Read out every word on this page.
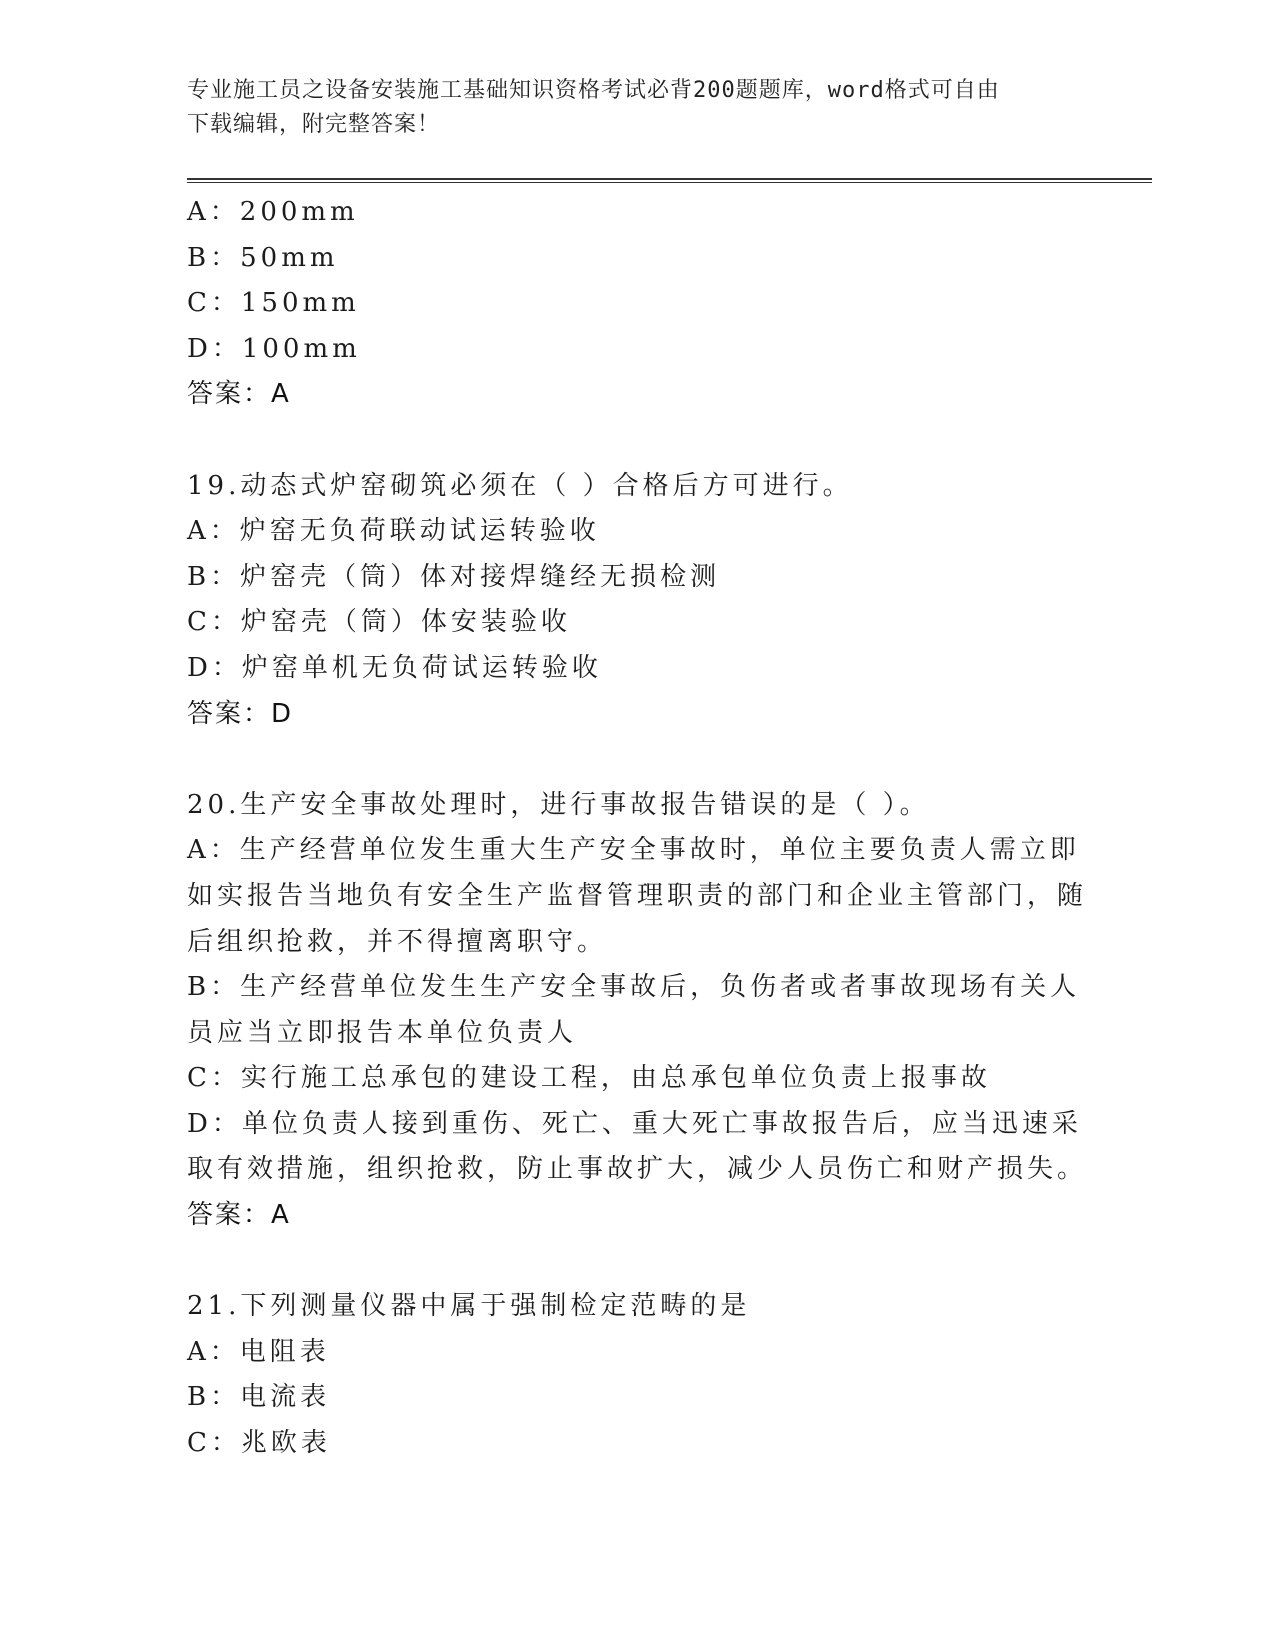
专业施工员之设备安装施工基础知识资格考试必背200题题库，word格式可自由
下载编辑，附完整答案！
A：200mm
B：50mm
C：150mm
D：100mm
答案：A
19.动态式炉窑砌筑必须在（ ）合格后方可进行。
A：炉窑无负荷联动试运转验收
B：炉窑壳（筒）体对接焊缝经无损检测
C：炉窑壳（筒）体安装验收
D：炉窑单机无负荷试运转验收
答案：D
20.生产安全事故处理时，进行事故报告错误的是（ ）。
A：生产经营单位发生重大生产安全事故时，单位主要负责人需立即如实报告当地负有安全生产监督管理职责的部门和企业主管部门，随后组织抢救，并不得擅离职守。
B：生产经营单位发生生产安全事故后，负伤者或者事故现场有关人员应当立即报告本单位负责人
C：实行施工总承包的建设工程，由总承包单位负责上报事故
D：单位负责人接到重伤、死亡、重大死亡事故报告后，应当迅速采取有效措施，组织抢救，防止事故扩大，减少人员伤亡和财产损失。
答案：A
21.下列测量仪器中属于强制检定范畴的是
A：电阻表
B：电流表
C：兆欧表
